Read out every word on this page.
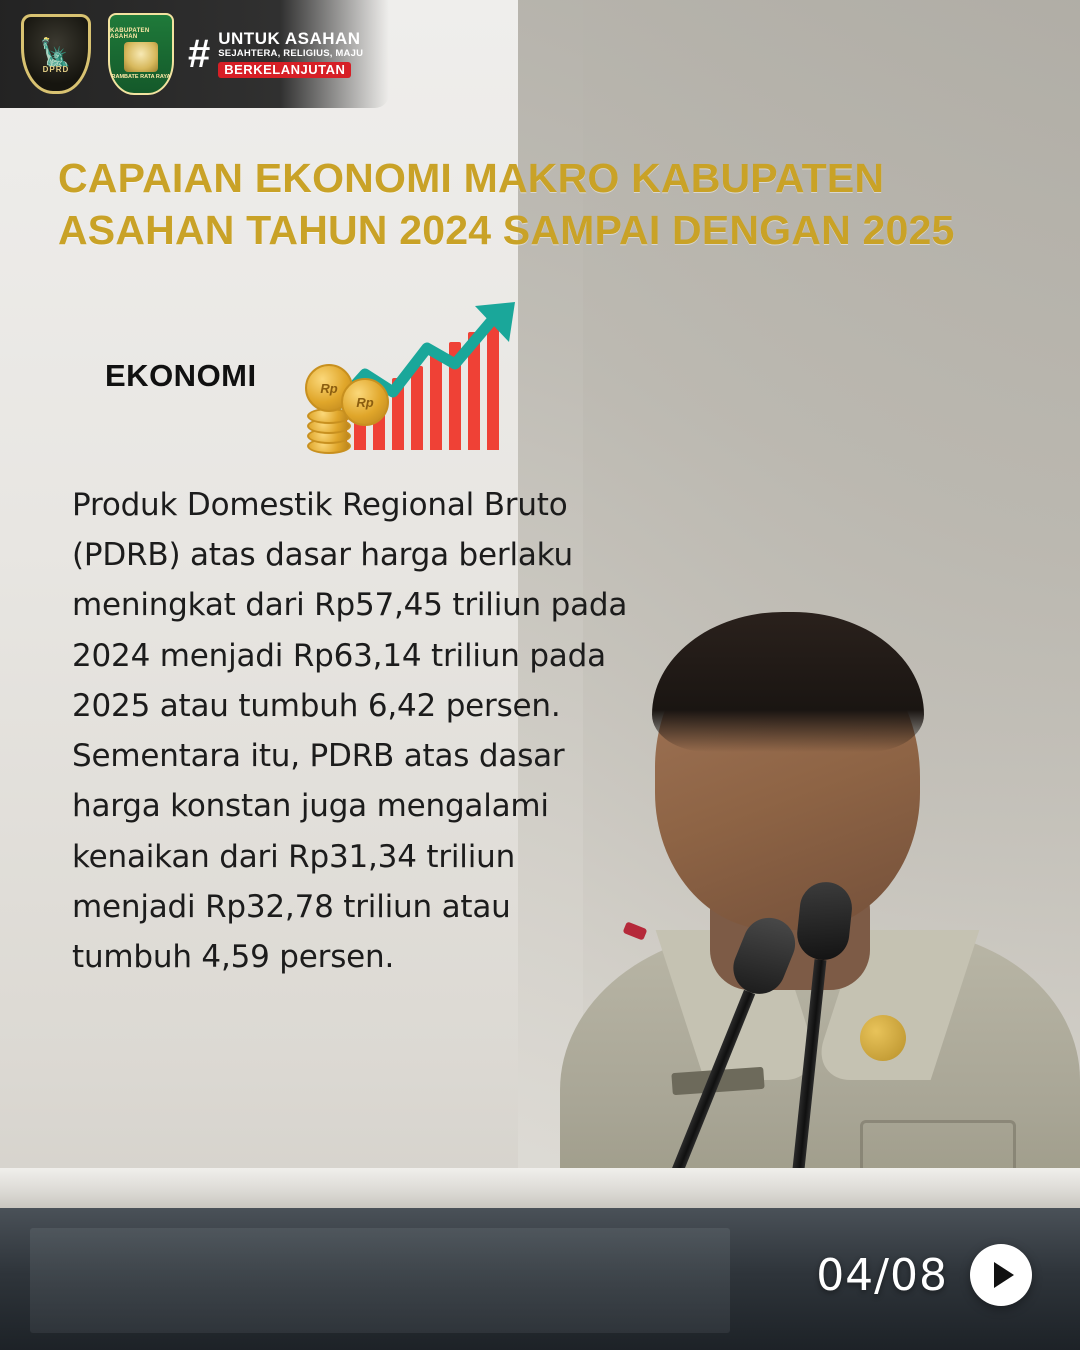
🗽
DPRD
KABUPATEN ASAHAN
RAMBATE RATA RAYA
# UNTUK ASAHAN
SEJAHTERA, RELIGIUS, MAJU
BERKELANJUTAN
CAPAIAN EKONOMI MAKRO KABUPATEN ASAHAN TAHUN 2024 SAMPAI DENGAN 2025
EKONOMI	Rp
Rp
Produk Domestik Regional Bruto (PDRB) atas dasar harga berlaku meningkat dari Rp57,45 triliun pada 2024 menjadi Rp63,14 triliun pada 2025 atau tumbuh 6,42 persen. Sementara itu, PDRB atas dasar harga konstan juga mengalami kenaikan dari Rp31,34 triliun menjadi Rp32,78 triliun atau tumbuh 4,59 persen.
04/08
